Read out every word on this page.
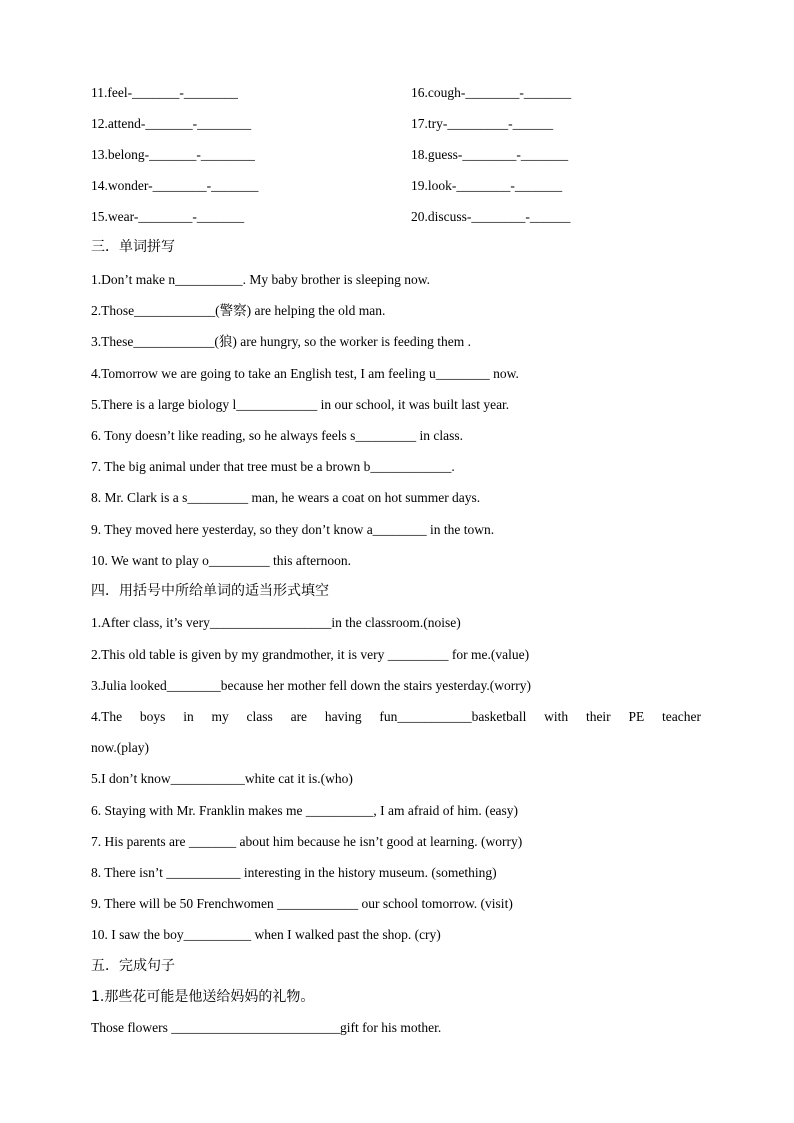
11.feel-_______-________	16.cough-________-_______
12.attend-_______-________	17.try-_________-______
13.belong-_______-________	18.guess-________-_______
14.wonder-________-_______	19.look-________-_______
15.wear-________-_______	20.discuss-________-______
三．单词拼写
1.Don’t make n__________. My baby brother is sleeping now.
2.Those____________(警察) are helping the old man.
3.These____________(狼) are hungry, so the worker is feeding them .
4.Tomorrow we are going to take an English test, I am feeling u________ now.
5.There is a large biology l____________ in our school, it was built last year.
6. Tony doesn’t like reading, so he always feels s_________ in class.
7. The big animal under that tree must be a brown b____________.
8. Mr. Clark is a s_________ man, he wears a coat on hot summer days.
9. They moved here yesterday, so they don’t know a________ in the town.
10. We want to play o_________ this afternoon.
四．用括号中所给单词的适当形式填空
1.After class, it’s very__________________in the classroom.(noise)
2.This old table is given by my grandmother, it is very _________ for me.(value)
3.Julia looked________because her mother fell down the stairs yesterday.(worry)
4.The boys in my class are having fun___________basketball with their PE teacher
now.(play)
5.I don’t know___________white cat it is.(who)
6. Staying with Mr. Franklin makes me __________, I am afraid of him. (easy)
7. His parents are _______ about him because he isn’t good at learning. (worry)
8. There isn’t ___________ interesting in the history museum. (something)
9. There will be 50 Frenchwomen ____________ our school tomorrow. (visit)
10. I saw the boy__________ when I walked past the shop. (cry)
五．完成句子
1.那些花可能是他送给妈妈的礼物。
Those flowers _________________________gift for his mother.
